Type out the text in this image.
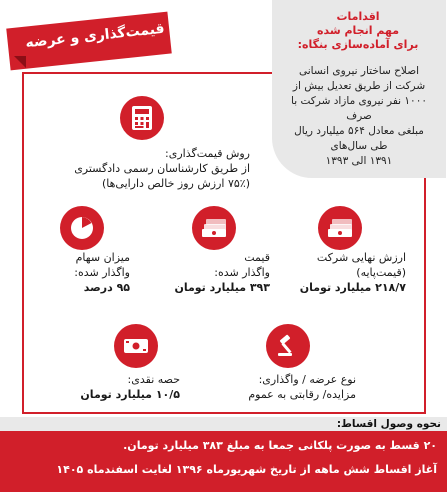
قیمت‌گذاری و عرضه
اقدامات
مهم انجام شده
برای آماده‌سازی بنگاه:
اصلاح ساختار نیروی انسانی
شرکت از طریق تعدیل بیش از
۱۰۰۰ نفر نیروی مازاد شرکت با صرف
مبلغی معادل ۵۶۴ میلیارد ریال
طی سال‌های
۱۳۹۱ الی ۱۳۹۳
روش قیمت‌گذاری:
از طریق کارشناسان رسمی دادگستری
(۷۵٪ ارزش روز خالص دارایی‌ها)
ارزش نهایی شرکت
(قیمت‌پایه)
۲۱۸/۷ میلیارد تومان
قیمت
واگذار شده:
۳۹۳ میلیارد تومان
میزان سهام
واگذار شده:
۹۵ درصد
نوع عرضه / واگذاری:
مزایده/ رقابتی به عموم
حصه نقدی:
۱۰/۵ میلیارد تومان
نحوه وصول اقساط:
۲۰ قسط به صورت پلکانی جمعا به مبلغ ۳۸۳ میلیارد تومان.
آغاز اقساط شش ماهه از تاریخ شهریورماه ۱۳۹۶ لغایت اسفندماه ۱۴۰۵
